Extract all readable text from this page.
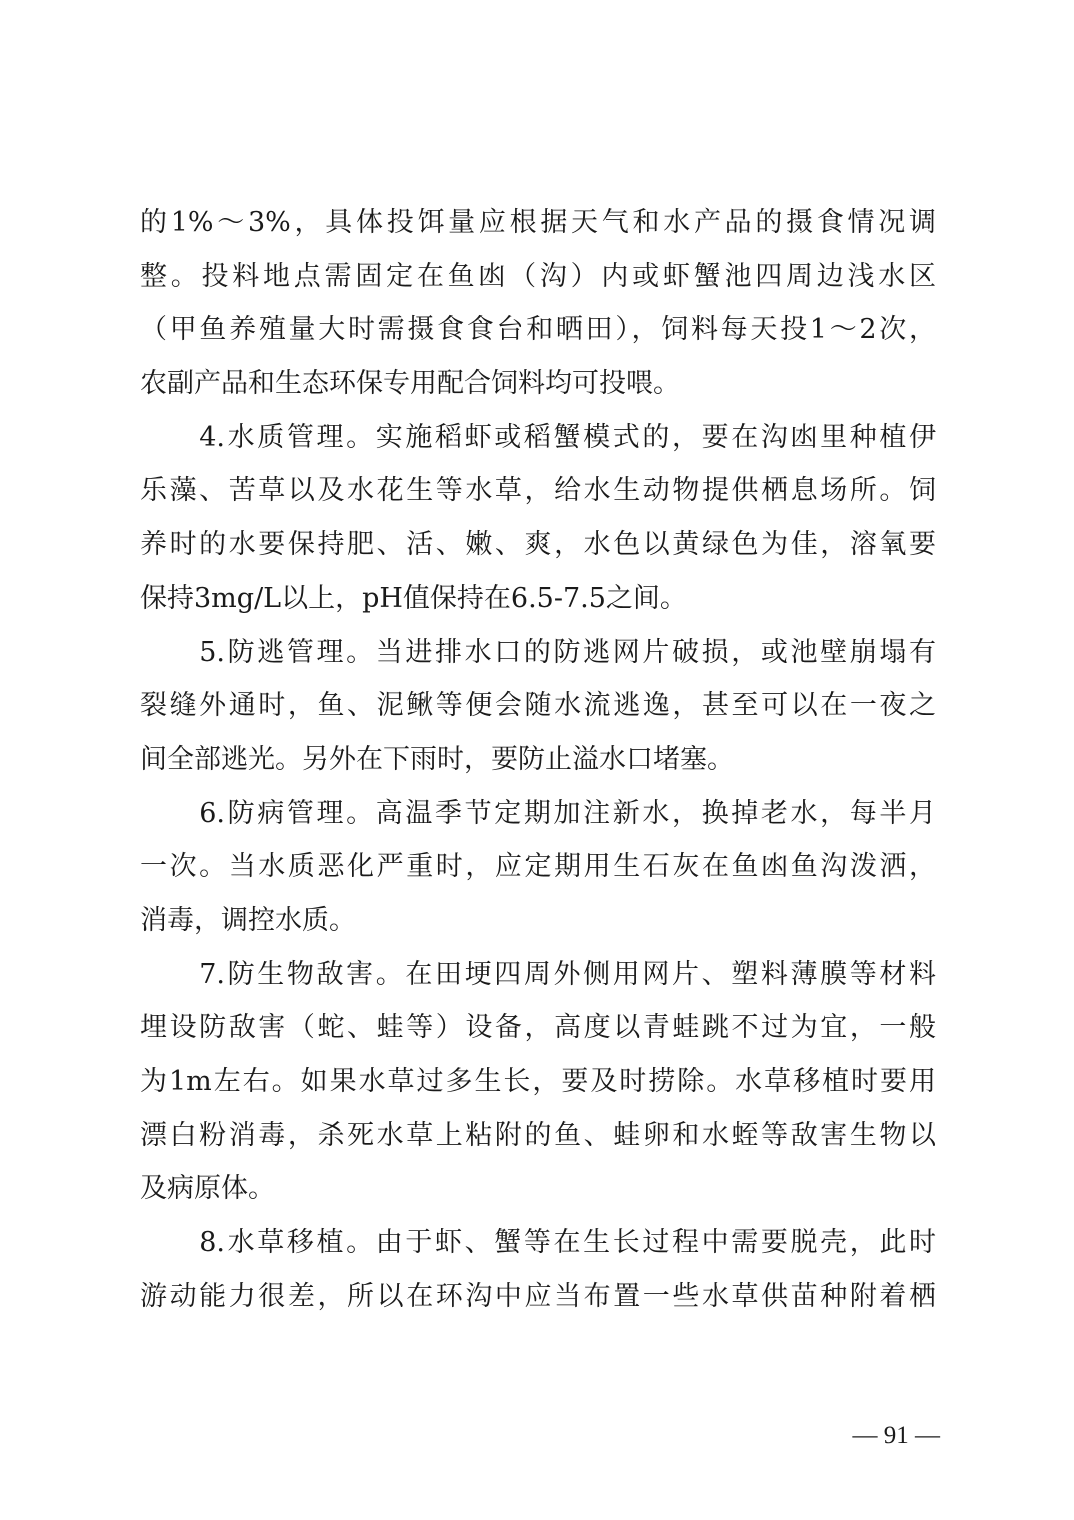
的1%～3%，具体投饵量应根据天气和水产品的摄食情况调
整。投料地点需固定在鱼凼（沟）内或虾蟹池四周边浅水区
（甲鱼养殖量大时需摄食食台和晒田），饲料每天投1～2次，
农副产品和生态环保专用配合饲料均可投喂。
　　4.水质管理。实施稻虾或稻蟹模式的，要在沟凼里种植伊
乐藻、苦草以及水花生等水草，给水生动物提供栖息场所。饲
养时的水要保持肥、活、嫩、爽，水色以黄绿色为佳，溶氧要
保持3mg/L以上，pH值保持在6.5-7.5之间。
　　5.防逃管理。当进排水口的防逃网片破损，或池壁崩塌有
裂缝外通时，鱼、泥鳅等便会随水流逃逸，甚至可以在一夜之
间全部逃光。另外在下雨时，要防止溢水口堵塞。
　　6.防病管理。高温季节定期加注新水，换掉老水，每半月
一次。当水质恶化严重时，应定期用生石灰在鱼凼鱼沟泼洒，
消毒，调控水质。
　　7.防生物敌害。在田埂四周外侧用网片、塑料薄膜等材料
埋设防敌害（蛇、蛙等）设备，高度以青蛙跳不过为宜，一般
为1m左右。如果水草过多生长，要及时捞除。水草移植时要用
漂白粉消毒，杀死水草上粘附的鱼、蛙卵和水蛭等敌害生物以
及病原体。
　　8.水草移植。由于虾、蟹等在生长过程中需要脱壳，此时
游动能力很差，所以在环沟中应当布置一些水草供苗种附着栖
— 91 —
